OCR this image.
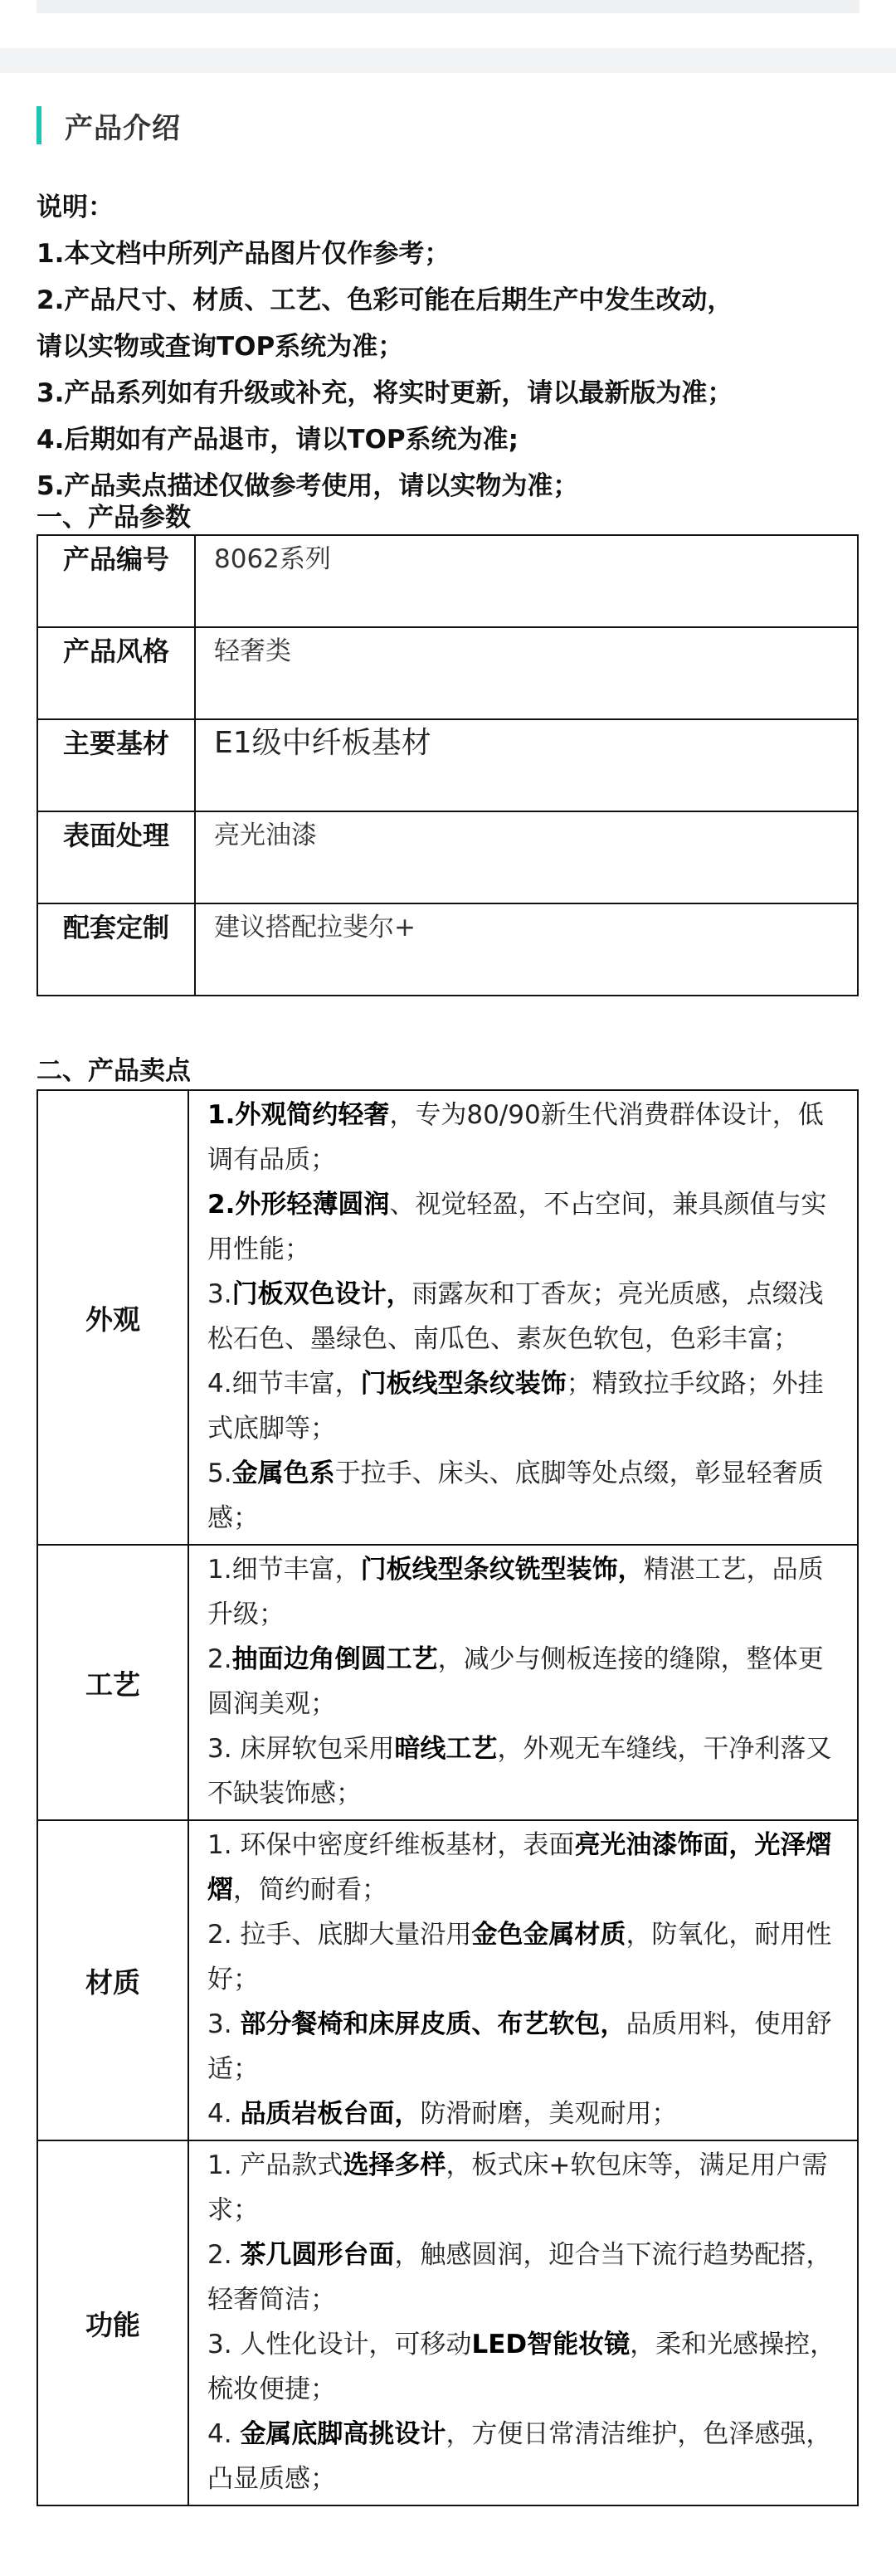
产品介绍
说明：
1.本文档中所列产品图片仅作参考；
2.产品尺寸、材质、工艺、色彩可能在后期生产中发生改动，
请以实物或查询TOP系统为准；
3.产品系列如有升级或补充，将实时更新，请以最新版为准；
4.后期如有产品退市，请以TOP系统为准;
5.产品卖点描述仅做参考使用，请以实物为准；
一、产品参数
产品编号	8062系列
产品风格	轻奢类
主要基材	E1级中纤板基材
表面处理	亮光油漆
配套定制	建议搭配拉斐尔+
二、产品卖点
外观	1.外观简约轻奢，专为80/90新生代消费群体设计，低调有品质；
2.外形轻薄圆润、视觉轻盈，不占空间，兼具颜值与实用性能；
3.门板双色设计，雨露灰和丁香灰；亮光质感，点缀浅松石色、墨绿色、南瓜色、素灰色软包，色彩丰富；
4.细节丰富，门板线型条纹装饰；精致拉手纹路；外挂式底脚等；
5.金属色系于拉手、床头、底脚等处点缀，彰显轻奢质感；

工艺	1.细节丰富，门板线型条纹铣型装饰，精湛工艺，品质升级；
2.抽面边角倒圆工艺，减少与侧板连接的缝隙，整体更圆润美观；
3. 床屏软包采用暗线工艺，外观无车缝线，干净利落又不缺装饰感；

材质	1. 环保中密度纤维板基材，表面亮光油漆饰面，光泽熠熠，简约耐看；
2. 拉手、底脚大量沿用金色金属材质，防氧化，耐用性好；
3. 部分餐椅和床屏皮质、布艺软包，品质用料，使用舒适；
4. 品质岩板台面，防滑耐磨，美观耐用；

功能	1. 产品款式选择多样，板式床+软包床等，满足用户需求；
2. 茶几圆形台面，触感圆润，迎合当下流行趋势配搭，轻奢简洁；
3. 人性化设计，可移动LED智能妆镜，柔和光感操控，梳妆便捷；
4. 金属底脚高挑设计，方便日常清洁维护，色泽感强，凸显质感；
